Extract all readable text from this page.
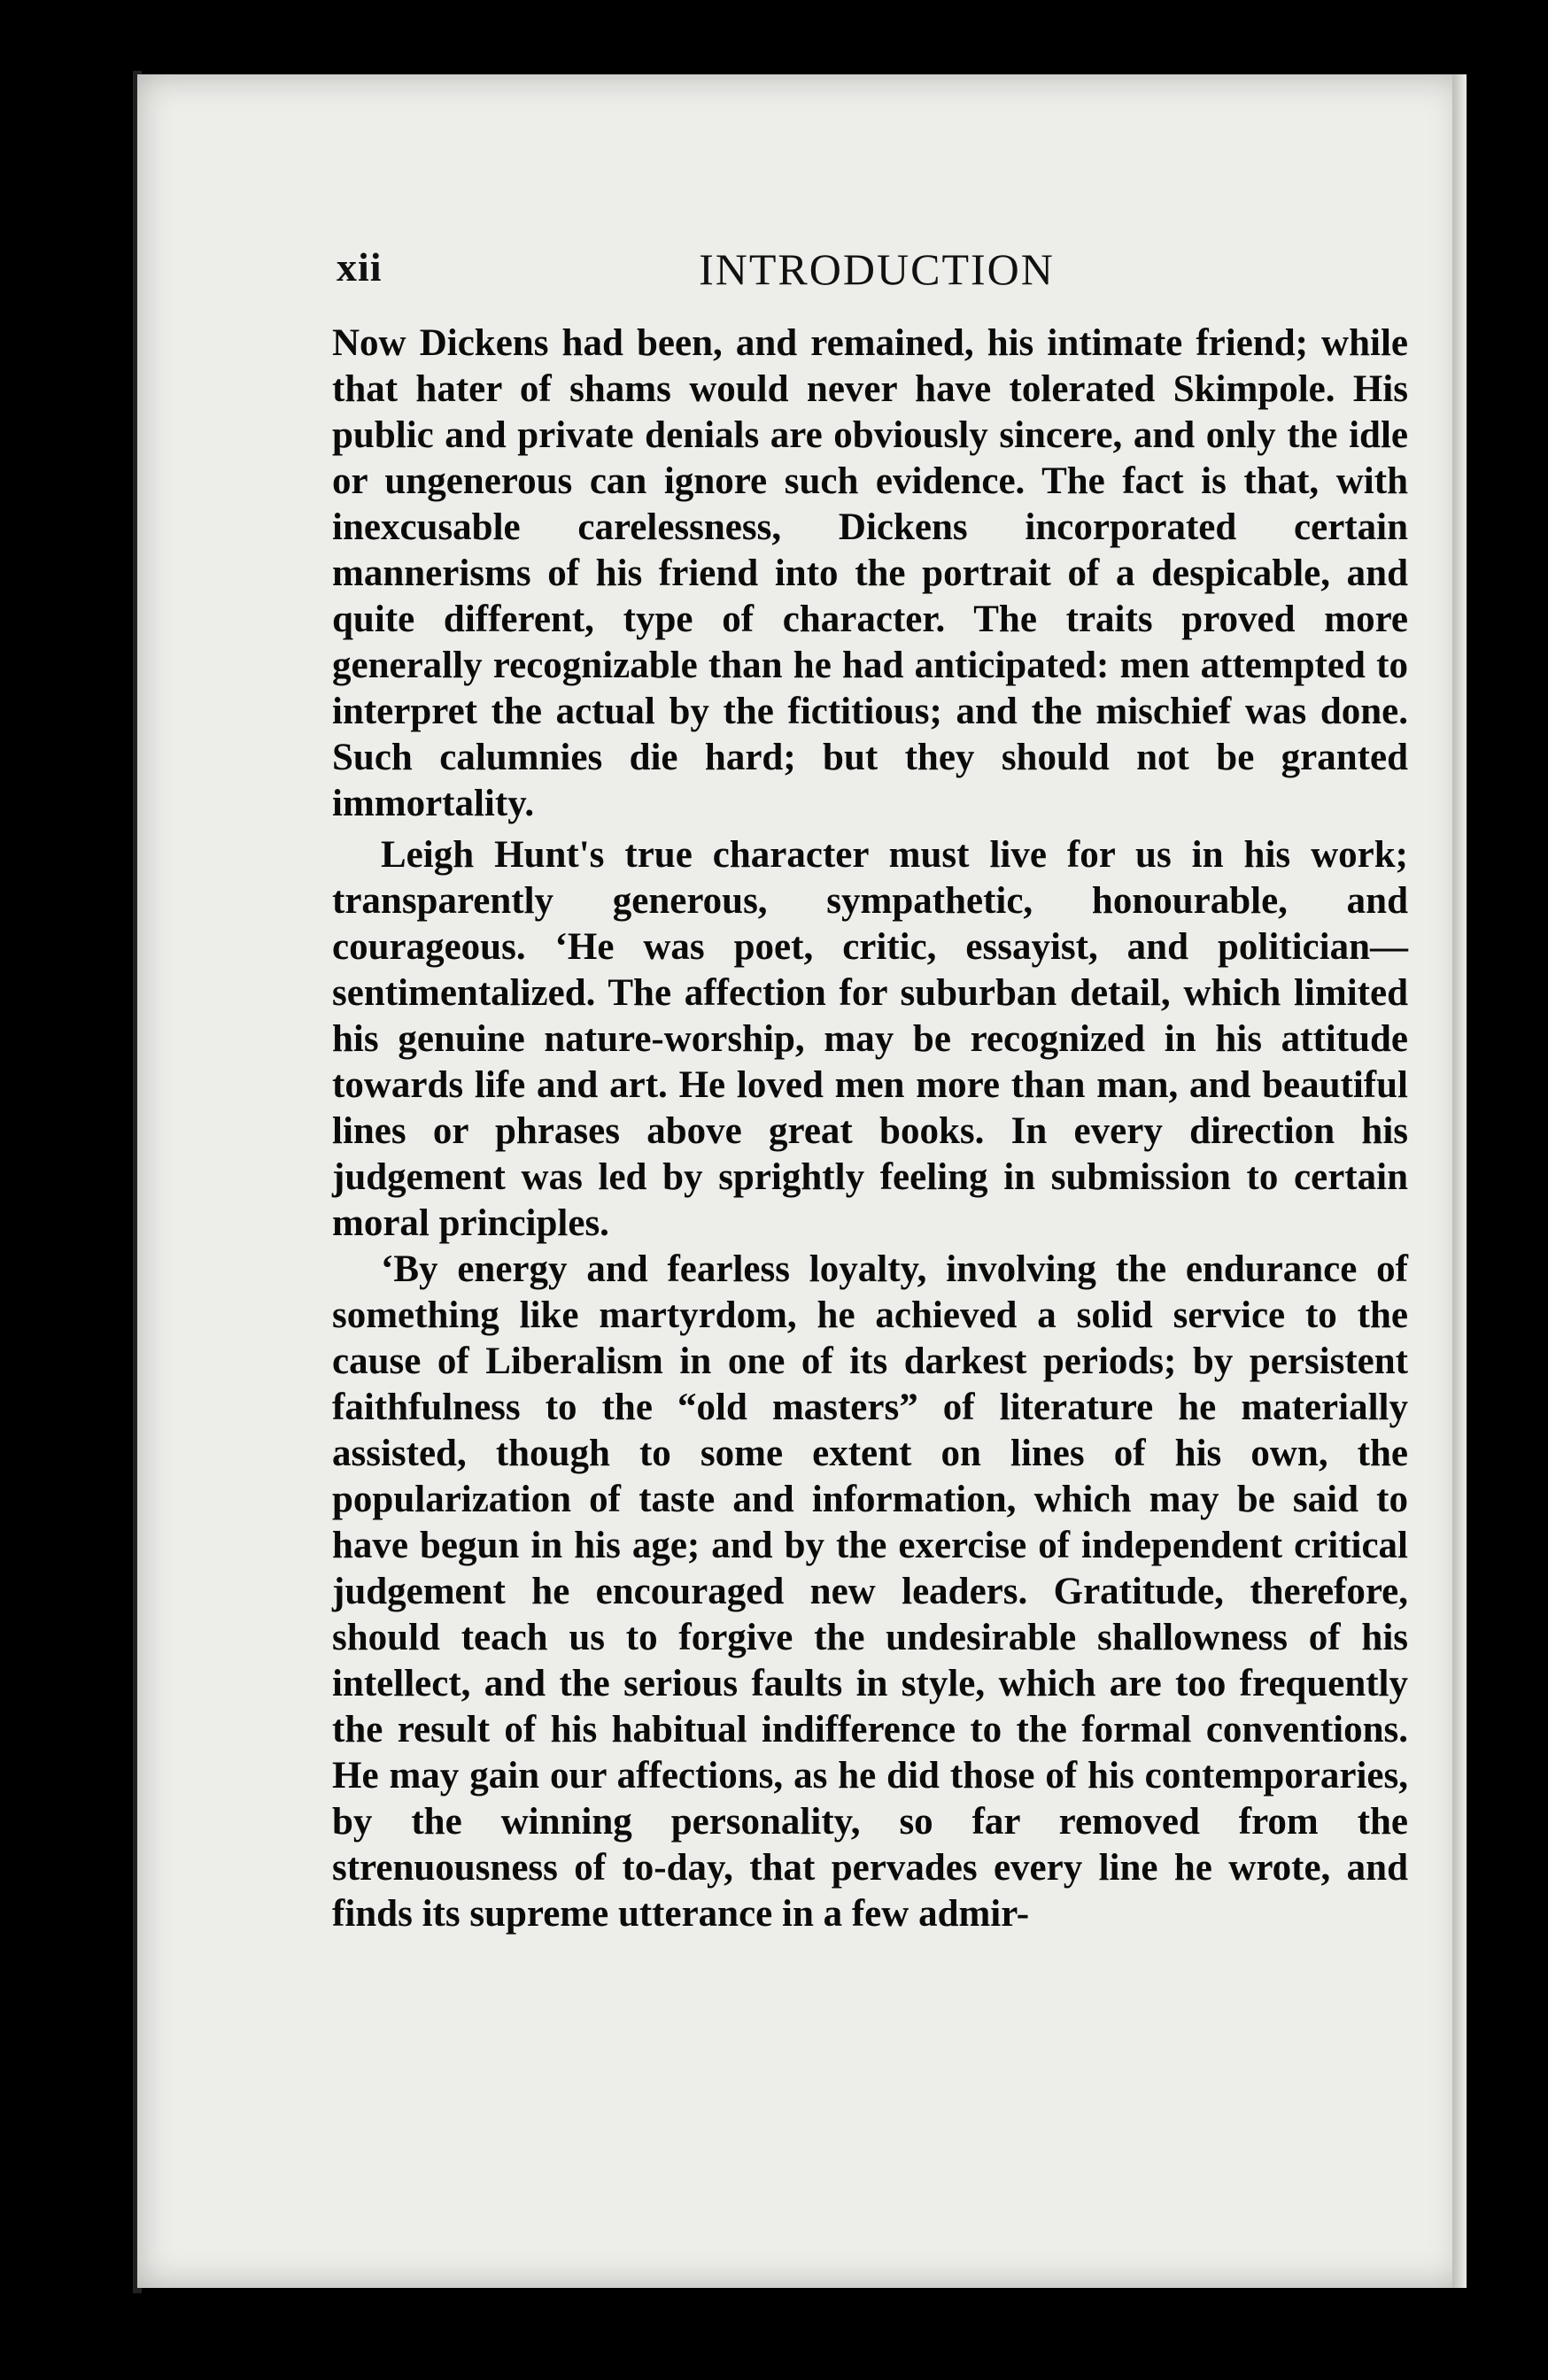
xii	INTRODUCTION

Now Dickens had been, and remained, his intimate friend; while that hater of shams would never have tolerated Skimpole. His public and private denials are obviously sincere, and only the idle or ungenerous can ignore such evidence. The fact is that, with inexcusable carelessness, Dickens incorporated certain mannerisms of his friend into the portrait of a despicable, and quite different, type of character. The traits proved more generally recognizable than he had anticipated: men attempted to interpret the actual by the fictitious; and the mischief was done. Such calumnies die hard; but they should not be granted immortality.

Leigh Hunt's true character must live for us in his work; transparently generous, sympathetic, honourable, and courageous. ‘He was poet, critic, essayist, and politician—sentimentalized. The affection for suburban detail, which limited his genuine nature-worship, may be recognized in his attitude towards life and art. He loved men more than man, and beautiful lines or phrases above great books. In every direction his judgement was led by sprightly feeling in submission to certain moral principles.

‘By energy and fearless loyalty, involving the endurance of something like martyrdom, he achieved a solid service to the cause of Liberalism in one of its darkest periods; by persistent faithfulness to the “old masters” of literature he materially assisted, though to some extent on lines of his own, the popularization of taste and information, which may be said to have begun in his age; and by the exercise of independent critical judgement he encouraged new leaders. Gratitude, therefore, should teach us to forgive the undesirable shallowness of his intellect, and the serious faults in style, which are too frequently the result of his habitual indifference to the formal conventions. He may gain our affections, as he did those of his contemporaries, by the winning personality, so far removed from the strenuousness of to-day, that pervades every line he wrote, and finds its supreme utterance in a few admir-
